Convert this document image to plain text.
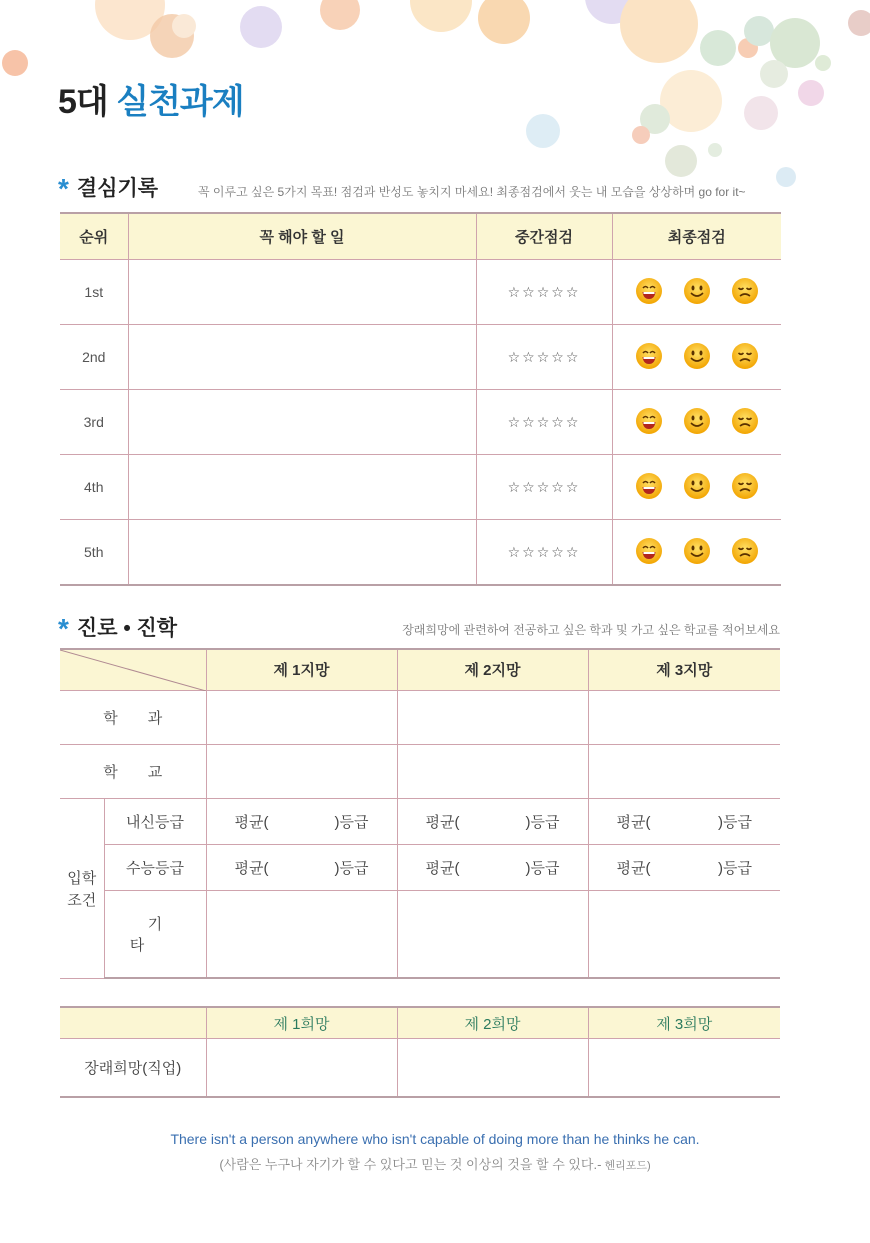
5대 실천과제
* 결심기록	꼭 이루고 싶은 5가지 목표! 점검과 반성도 놓치지 마세요! 최종점검에서 웃는 내 모습을 상상하며 go for it~
순위	꼭 해야 할 일	중간점검	최종점검
1st		☆☆☆☆☆	

2nd		☆☆☆☆☆	

3rd		☆☆☆☆☆	

4th		☆☆☆☆☆	

5th		☆☆☆☆☆	
* 진로 • 진학	장래희망에 관련하여 전공하고 싶은 학과 및 가고 싶은 학교를 적어보세요
	제 1지망	제 2지망	제 3지망
학과				
학교				
입학
조건	내신등급	평균( )등급	평균( )등급	평균( )등급

	수능등급	평균( )등급	평균( )등급	평균( )등급

	기타			
	제 1희망	제 2희망	제 3희망
장래희망(직업)			
There isn't a person anywhere who isn't capable of doing more than he thinks he can.
(사람은 누구나 자기가 할 수 있다고 믿는 것 이상의 것을 할 수 있다.- 헨리포드)
